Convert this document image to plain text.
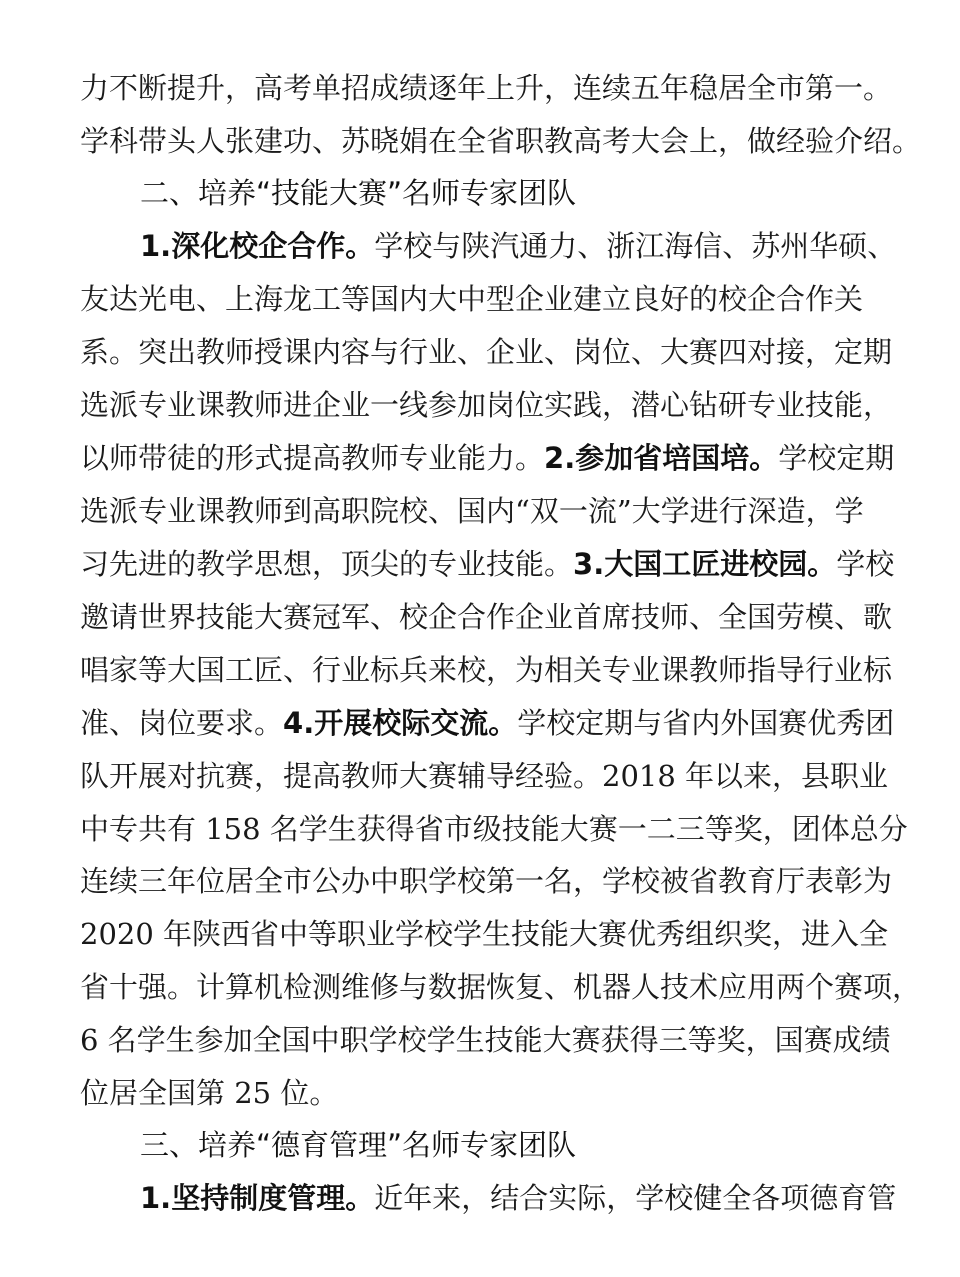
力不断提升，高考单招成绩逐年上升，连续五年稳居全市第一。
学科带头人张建功、苏晓娟在全省职教高考大会上，做经验介绍。
二、培养“技能大赛”名师专家团队
1.深化校企合作。学校与陕汽通力、浙江海信、苏州华硕、
友达光电、上海龙工等国内大中型企业建立良好的校企合作关
系。突出教师授课内容与行业、企业、岗位、大赛四对接，定期
选派专业课教师进企业一线参加岗位实践，潜心钻研专业技能，
以师带徒的形式提高教师专业能力。2.参加省培国培。学校定期
选派专业课教师到高职院校、国内“双一流”大学进行深造，学
习先进的教学思想，顶尖的专业技能。3.大国工匠进校园。学校
邀请世界技能大赛冠军、校企合作企业首席技师、全国劳模、歌
唱家等大国工匠、行业标兵来校，为相关专业课教师指导行业标
准、岗位要求。4.开展校际交流。学校定期与省内外国赛优秀团
队开展对抗赛，提高教师大赛辅导经验。2018 年以来，县职业
中专共有 158 名学生获得省市级技能大赛一二三等奖，团体总分
连续三年位居全市公办中职学校第一名，学校被省教育厅表彰为
2020 年陕西省中等职业学校学生技能大赛优秀组织奖，进入全
省十强。计算机检测维修与数据恢复、机器人技术应用两个赛项，
6 名学生参加全国中职学校学生技能大赛获得三等奖，国赛成绩
位居全国第 25 位。
三、培养“德育管理”名师专家团队
1.坚持制度管理。近年来，结合实际，学校健全各项德育管
